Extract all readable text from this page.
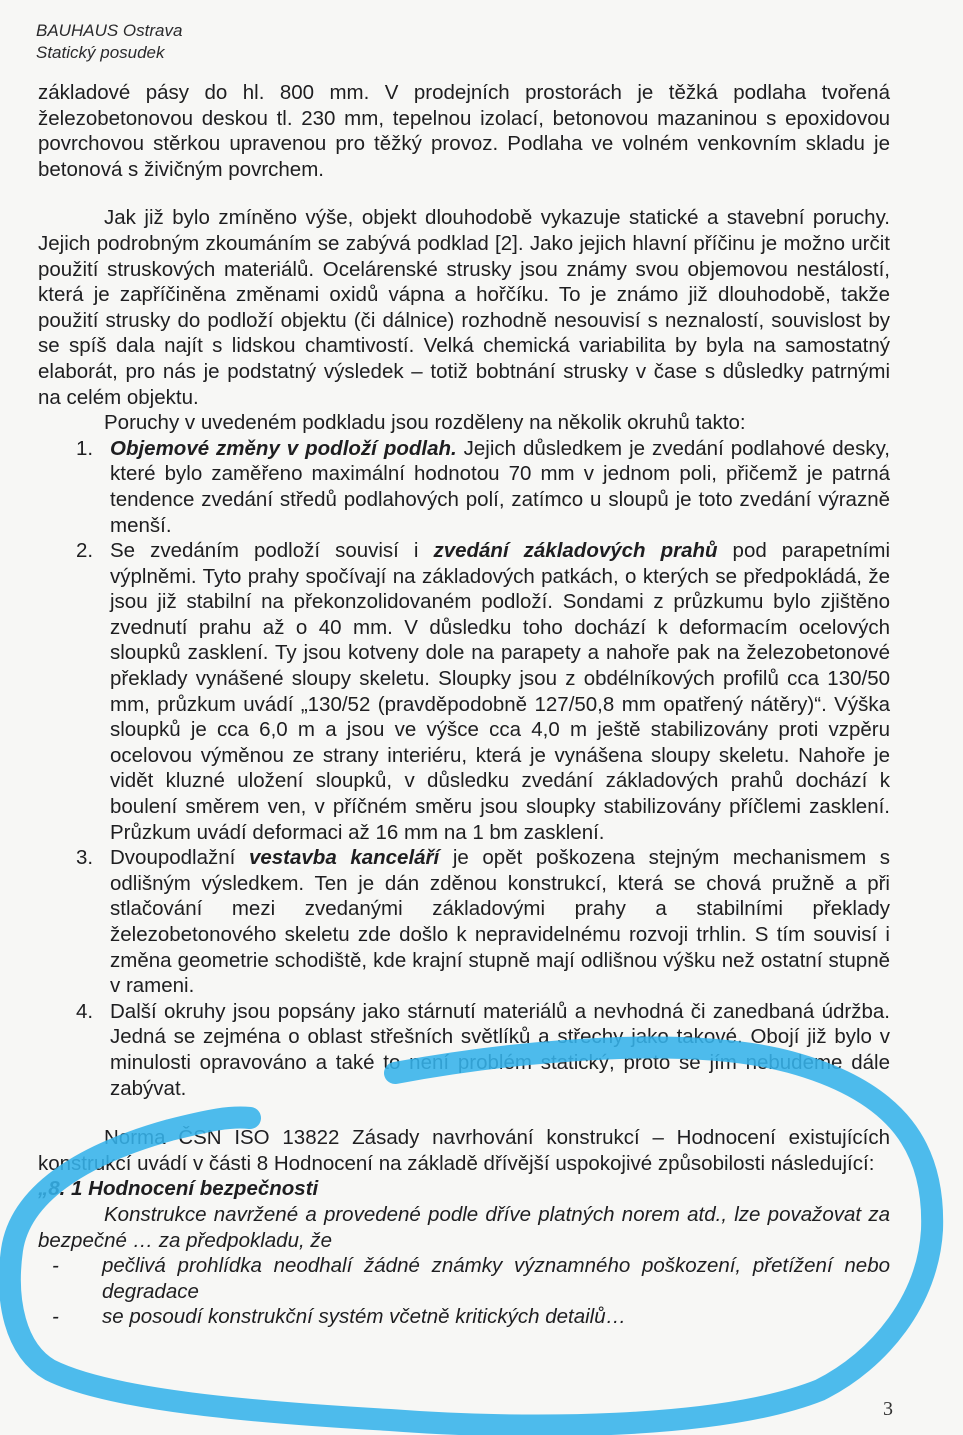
BAUHAUS Ostrava
Statický posudek

základové pásy do hl. 800 mm. V prodejních prostorách je těžká podlaha tvořená železobetonovou deskou tl. 230 mm, tepelnou izolací, betonovou mazaninou s epoxidovou povrchovou stěrkou upravenou pro těžký provoz. Podlaha ve volném venkovním skladu je betonová s živičným povrchem.

Jak již bylo zmíněno výše, objekt dlouhodobě vykazuje statické a stavební poruchy. Jejich podrobným zkoumáním se zabývá podklad [2]. Jako jejich hlavní příčinu je možno určit použití struskových materiálů. Ocelárenské strusky jsou známy svou objemovou nestálostí, která je zapříčiněna změnami oxidů vápna a hořčíku. To je známo již dlouhodobě, takže použití strusky do podloží objektu (či dálnice) rozhodně nesouvisí s neznalostí, souvislost by se spíš dala najít s lidskou chamtivostí. Velká chemická variabilita by byla na samostatný elaborát, pro nás je podstatný výsledek – totiž bobtnání strusky v čase s důsledky patrnými na celém objektu.

Poruchy v uvedeném podkladu jsou rozděleny na několik okruhů takto:

1. Objemové změny v podloží podlah. Jejich důsledkem je zvedání podlahové desky, které bylo zaměřeno maximální hodnotou 70 mm v jednom poli, přičemž je patrná tendence zvedání středů podlahových polí, zatímco u sloupů je toto zvedání výrazně menší.
2. Se zvedáním podloží souvisí i zvedání základových prahů pod parapetními výplněmi. Tyto prahy spočívají na základových patkách, o kterých se předpokládá, že jsou již stabilní na překonzolidovaném podloží. Sondami z průzkumu bylo zjištěno zvednutí prahu až o 40 mm. V důsledku toho dochází k deformacím ocelových sloupků zasklení. Ty jsou kotveny dole na parapety a nahoře pak na železobetonové překlady vynášené sloupy skeletu. Sloupky jsou z obdélníkových profilů cca 130/50 mm, průzkum uvádí „130/52 (pravděpodobně 127/50,8 mm opatřený nátěry)“. Výška sloupků je cca 6,0 m a jsou ve výšce cca 4,0 m ještě stabilizovány proti vzpěru ocelovou výměnou ze strany interiéru, která je vynášena sloupy skeletu. Nahoře je vidět kluzné uložení sloupků, v důsledku zvedání základových prahů dochází k boulení směrem ven, v příčném směru jsou sloupky stabilizovány příčlemi zasklení. Průzkum uvádí deformaci až 16 mm na 1 bm zasklení.
3. Dvoupodlažní vestavba kanceláří je opět poškozena stejným mechanismem s odlišným výsledkem. Ten je dán zděnou konstrukcí, která se chová pružně a při stlačování mezi zvedanými základovými prahy a stabilními překlady železobetonového skeletu zde došlo k nepravidelnému rozvoji trhlin. S tím souvisí i změna geometrie schodiště, kde krajní stupně mají odlišnou výšku než ostatní stupně v rameni.
4. Další okruhy jsou popsány jako stárnutí materiálů a nevhodná či zanedbaná údržba. Jedná se zejména o oblast střešních světlíků a střechy jako takové. Obojí již bylo v minulosti opravováno a také to není problém statický, proto se jím nebudeme dále zabývat.

Norma ČSN ISO 13822 Zásady navrhování konstrukcí – Hodnocení existujících konstrukcí uvádí v části 8 Hodnocení na základě dřívější uspokojivé způsobilosti následující:

„8. 1 Hodnocení bezpečnosti

Konstrukce navržené a provedené podle dříve platných norem atd., lze považovat za bezpečné … za předpokladu, že

- pečlivá prohlídka neodhalí žádné známky významného poškození, přetížení nebo degradace
- se posoudí konstrukční systém včetně kritických detailů…
3
